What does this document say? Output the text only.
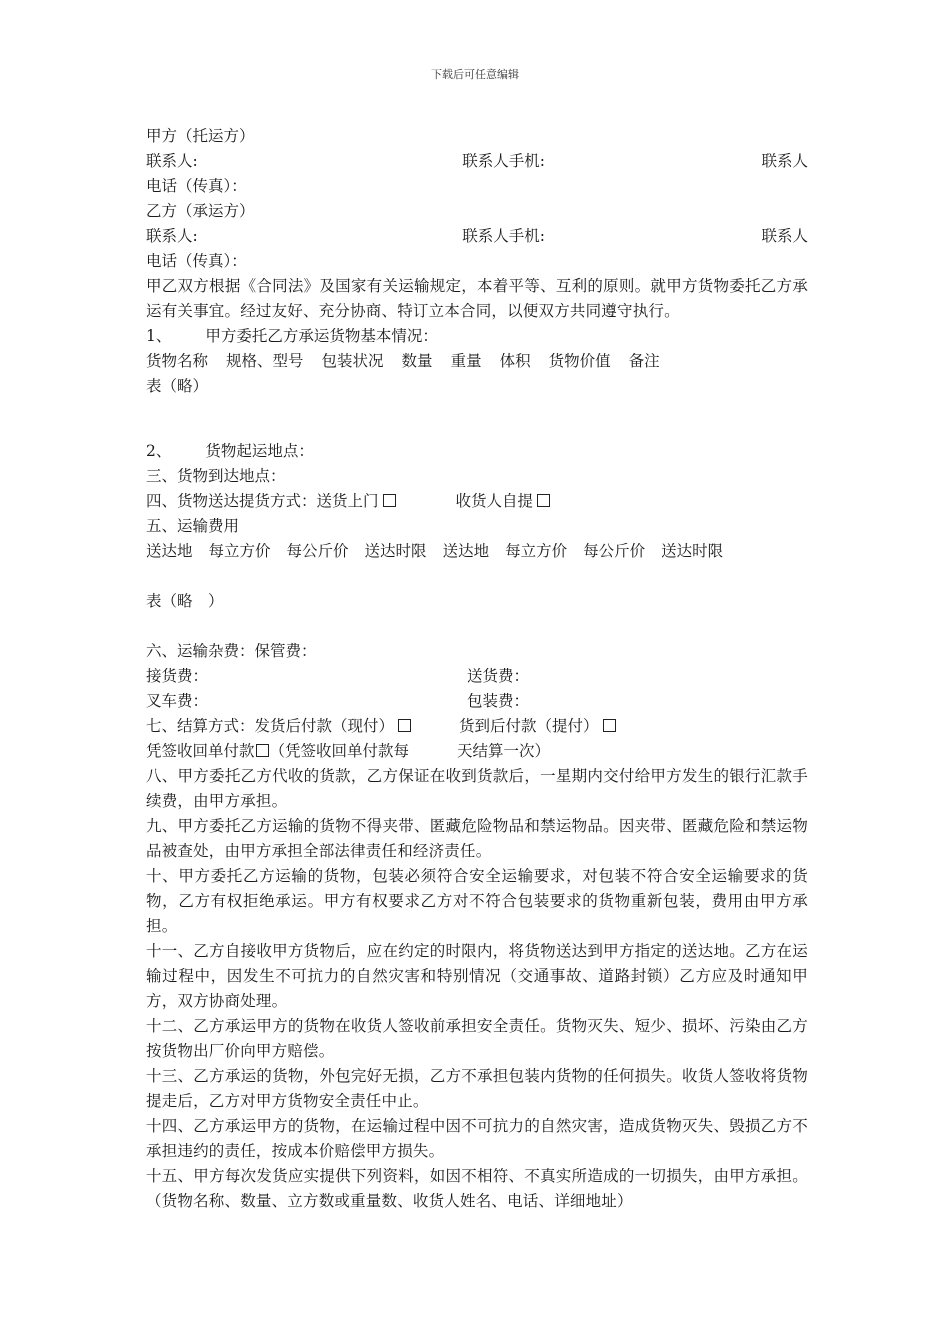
下载后可任意编辑
甲方（托运方）
联系人:	联系人手机:	联系人
电话（传真）：
乙方（承运方）
联系人:	联系人手机:	联系人
电话（传真）：
甲乙双方根据《合同法》及国家有关运输规定，本着平等、互利的原则。就甲方货物委托乙方承运有关事宜。经过友好、充分协商、特订立本合同，以便双方共同遵守执行。
1、 甲方委托乙方承运货物基本情况：
货物名称 规格、型号 包装状况 数量 重量 体积 货物价值 备注
表（略）
2、 货物起运地点：
三、货物到达地点：
四、货物送达提货方式：送货上门	收货人自提
五、运输费用
送达地 每立方价 每公斤价 送达时限 送达地 每立方价 每公斤价 送达时限
表（略　）
六、运输杂费：保管费：
接货费：	送货费：
叉车费：	包装费：
七、结算方式：发货后付款（现付）	货到后付款（提付）
凭签收回单付款 （凭签收回单付款每	天结算一次）
八、甲方委托乙方代收的货款，乙方保证在收到货款后，一星期内交付给甲方发生的银行汇款手续费，由甲方承担。
九、甲方委托乙方运输的货物不得夹带、匿藏危险物品和禁运物品。因夹带、匿藏危险和禁运物品被查处，由甲方承担全部法律责任和经济责任。
十、甲方委托乙方运输的货物，包装必须符合安全运输要求，对包装不符合安全运输要求的货物，乙方有权拒绝承运。甲方有权要求乙方对不符合包装要求的货物重新包装，费用由甲方承担。
十一、乙方自接收甲方货物后，应在约定的时限内，将货物送达到甲方指定的送达地。乙方在运输过程中，因发生不可抗力的自然灾害和特别情况（交通事故、道路封锁）乙方应及时通知甲方，双方协商处理。
十二、乙方承运甲方的货物在收货人签收前承担安全责任。货物灭失、短少、损坏、污染由乙方按货物出厂价向甲方赔偿。
十三、乙方承运的货物，外包完好无损，乙方不承担包装内货物的任何损失。收货人签收将货物提走后，乙方对甲方货物安全责任中止。
十四、乙方承运甲方的货物，在运输过程中因不可抗力的自然灾害，造成货物灭失、毁损乙方不承担违约的责任，按成本价赔偿甲方损失。
十五、甲方每次发货应实提供下列资料，如因不相符、不真实所造成的一切损失，由甲方承担。（货物名称、数量、立方数或重量数、收货人姓名、电话、详细地址）
